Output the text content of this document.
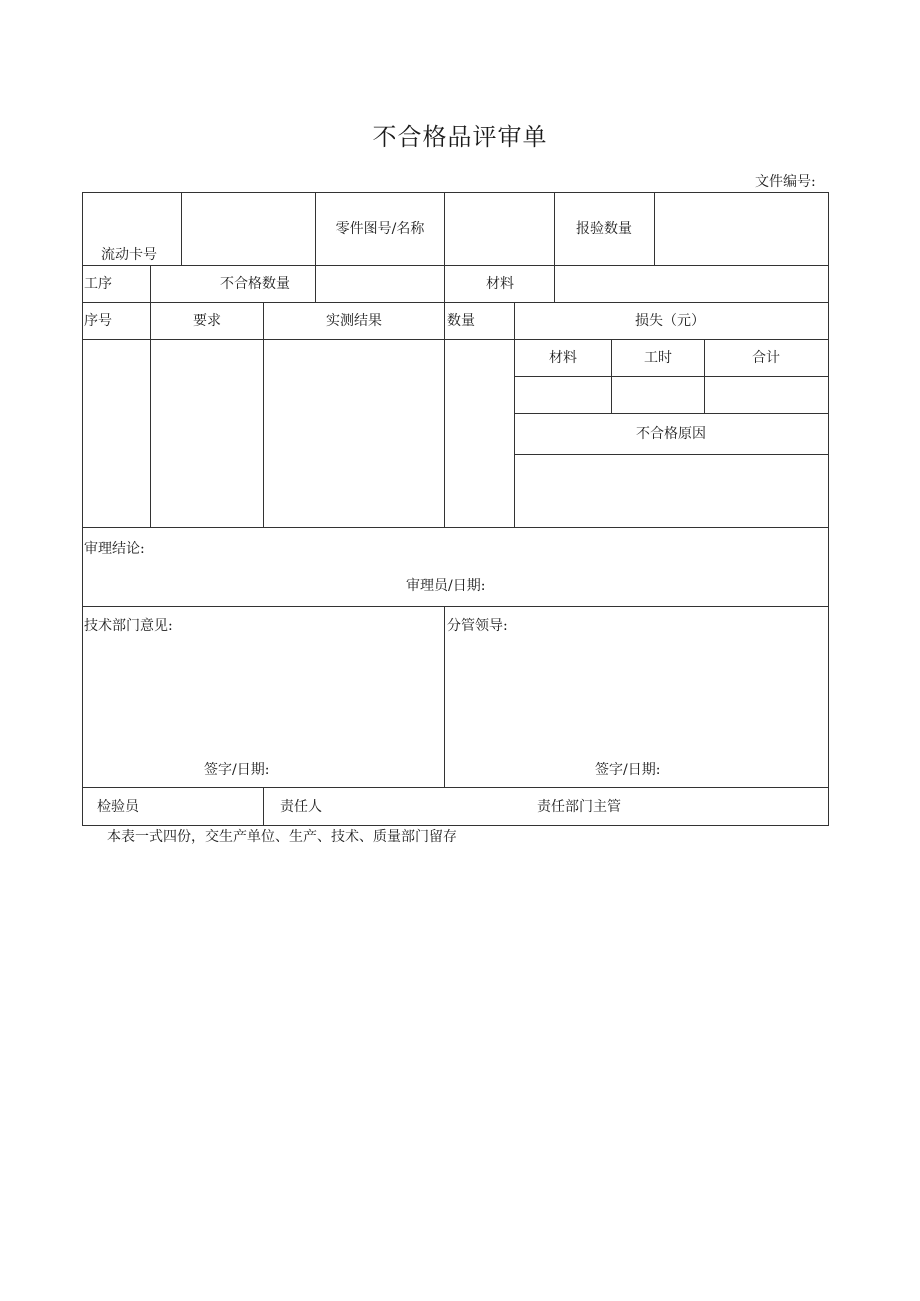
不合格品评审单
文件编号:
流动卡号
零件图号/名称	报验数量
工序	不合格数量	材料
序号	要求	实测结果	数量	损失（元）
材料	工时	合计
不合格原因
审理结论:
审理员/日期:
技术部门意见:
签字/日期:
分管领导:
签字/日期:
检验员	责任人	责任部门主管
本表一式四份，交生产单位、生产、技术、质量部门留存
